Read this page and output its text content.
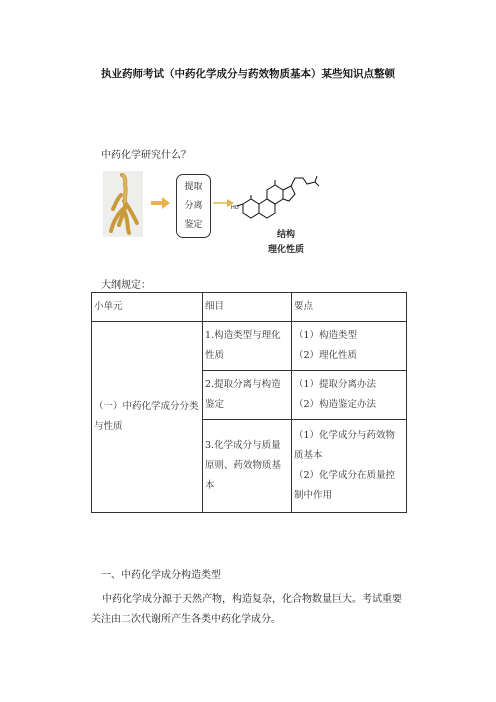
执业药师考试（中药化学成分与药效物质基本）某些知识点整顿
中药化学研究什么？
提取
分离
鉴定
HO
结构
理化性质
大纲规定：
小单元	细目	要点
（一）中药化学成分分类与性质	1.构造类型与理化性质	（1）构造类型
（2）理化性质

	2.提取分离与构造鉴定	（1）提取分离办法
（2）构造鉴定办法

	3.化学成分与质量原则、药效物质基本	（1）化学成分与药效物质基本
（2）化学成分在质量控制中作用
一、中药化学成分构造类型
中药化学成分源于天然产物，构造复杂，化合物数量巨大。考试重要关注由二次代谢所产生各类中药化学成分。
